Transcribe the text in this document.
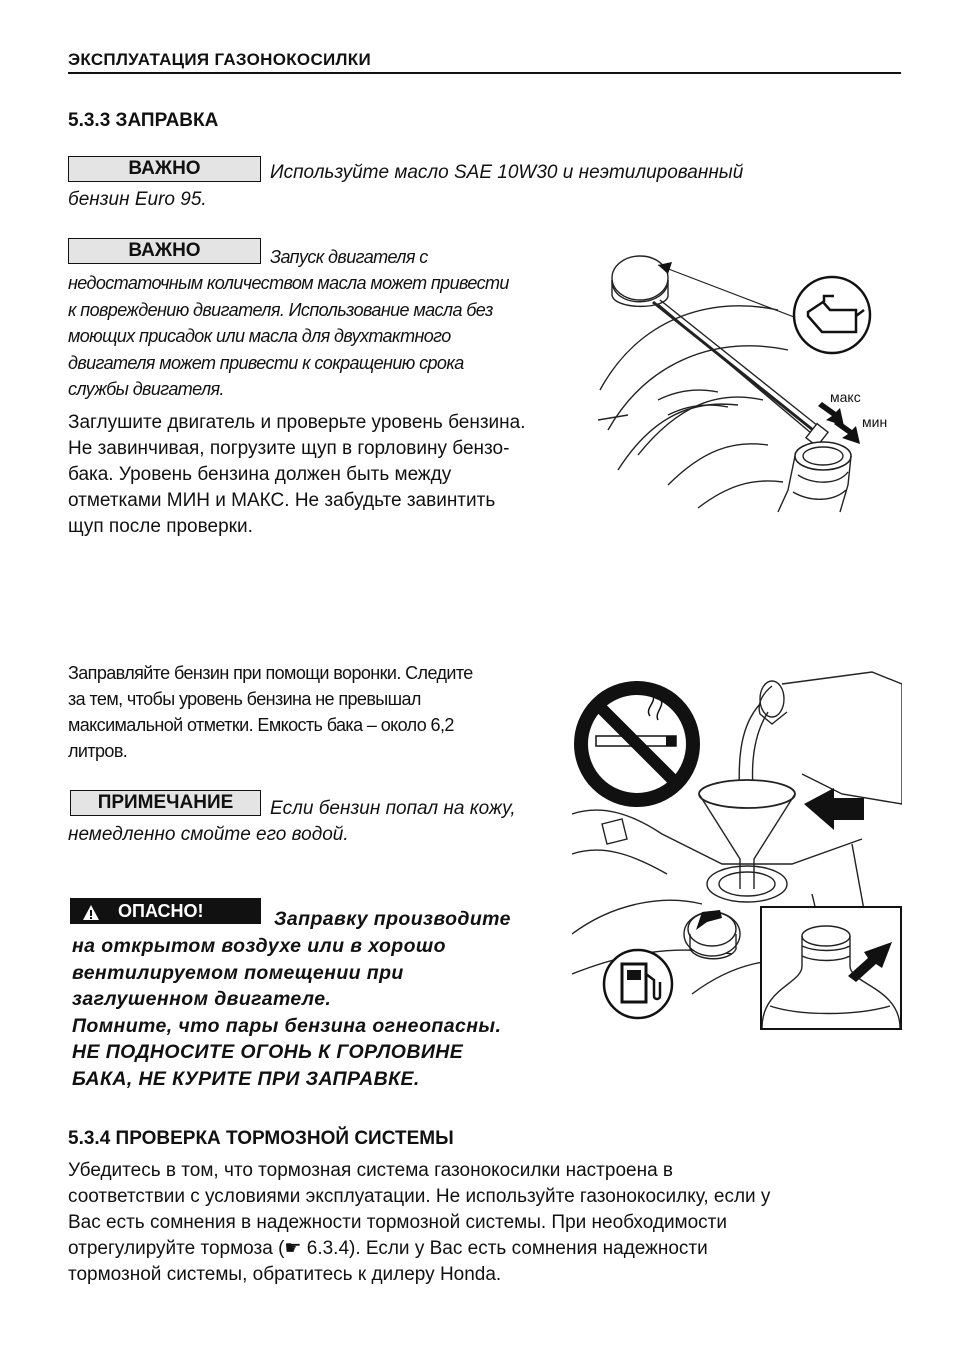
ЭКСПЛУАТАЦИЯ ГАЗОНОКОСИЛКИ
5.3.3 ЗАПРАВКА
ВАЖНО	Используйте масло SAE 10W30 и неэтилированный
бензин Euro 95.
ВАЖНО	Запуск двигателя с
недостаточным количеством масла может привести
к повреждению двигателя. Использование масла без
моющих присадок или масла для двухтактного
двигателя может привести к сокращению срока
службы двигателя.
Заглушите двигатель и проверьте уровень бензина.
Не завинчивая, погрузите щуп в горловину бензо-
бака. Уровень бензина должен быть между
отметками МИН и МАКС. Не забудьте завинтить
щуп после проверки.
макс
мин
Заправляйте бензин при помощи воронки. Следите
за тем, чтобы уровень бензина не превышал
максимальной отметки. Емкость бака – около 6,2
литров.
ПРИМЕЧАНИЕ	Если бензин попал на кожу,
немедленно смойте его водой.
ОПАСНО!	Заправку производите
на открытом воздухе или в хорошо
вентилируемом помещении при
заглушенном двигателе.
Помните, что пары бензина огнеопасны.
НЕ ПОДНОСИТЕ ОГОНЬ К ГОРЛОВИНЕ
БАКА, НЕ КУРИТЕ ПРИ ЗАПРАВКЕ.
5.3.4 ПРОВЕРКА ТОРМОЗНОЙ СИСТЕМЫ
Убедитесь в том, что тормозная система газонокосилки настроена в
соответствии с условиями эксплуатации. Не используйте газонокосилку, если у
Вас есть сомнения в надежности тормозной системы. При необходимости
отрегулируйте тормоза (☛ 6.3.4). Если у Вас есть сомнения надежности
тормозной системы, обратитесь к дилеру Honda.
